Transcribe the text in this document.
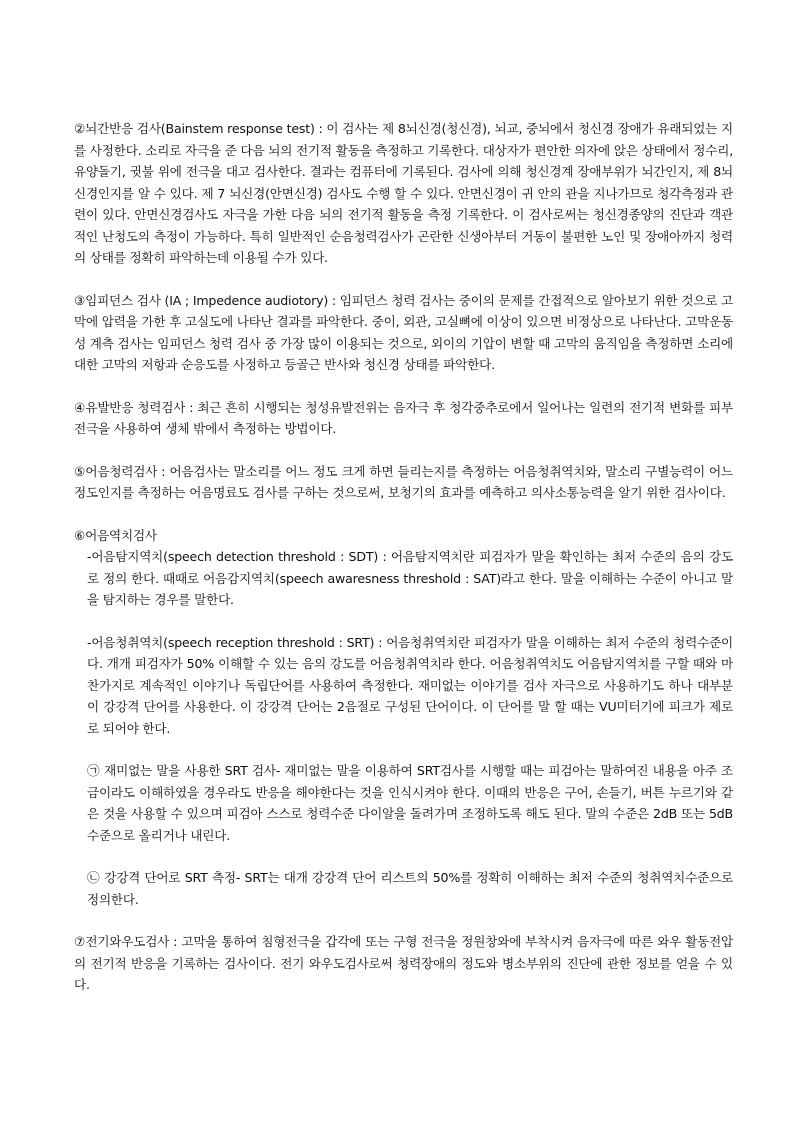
②뇌간반응 검사(Bainstem response test) : 이 검사는 제 8뇌신경(청신경), 뇌교, 중뇌에서 청신경 장애가 유래되었는 지를 사정한다. 소리로 자극을 준 다음 뇌의 전기적 활동을 측정하고 기록한다. 대상자가 편안한 의자에 앉은 상태에서 정수리, 유양돌기, 귓불 위에 전극을 대고 검사한다. 결과는 컴퓨터에 기록된다. 검사에 의해 청신경계 장애부위가 뇌간인지, 제 8뇌신경인지를 알 수 있다. 제 7 뇌신경(안면신경) 검사도 수행 할 수 있다. 안면신경이 귀 안의 관을 지나가므로 청각측정과 관련이 있다. 안면신경검사도 자극을 가한 다음 뇌의 전기적 활동을 측정 기록한다. 이 검사로써는 청신경종양의 진단과 객관적인 난청도의 측정이 가능하다. 특히 일반적인 순음청력검사가 곤란한 신생아부터 거동이 불편한 노인 및 장애아까지 청력의 상태를 정확히 파악하는데 이용될 수가 있다.

③임피던스 검사 (IA ; Impedence audiotory) : 임피던스 청력 검사는 중이의 문제를 간접적으로 알아보기 위한 것으로 고막에 압력을 가한 후 고실도에 나타난 결과를 파악한다. 중이, 외관, 고실뼈에 이상이 있으면 비정상으로 나타난다. 고막운동성 계측 검사는 임피던스 청력 검사 중 가장 많이 이용되는 것으로, 외이의 기압이 변할 때 고막의 움직임을 측정하면 소리에 대한 고막의 저항과 순응도를 사정하고 등골근 반사와 청신경 상태를 파악한다.

④유발반응 청력검사 : 최근 흔히 시행되는 청성유발전위는 음자극 후 청각중추로에서 일어나는 일련의 전기적 변화를 피부전극을 사용하여 생체 밖에서 측정하는 방법이다.

⑤어음청력검사 : 어음검사는 말소리를 어느 정도 크게 하면 들리는지를 측정하는 어음청취역치와, 말소리 구별능력이 어느 정도인지를 측정하는 어음명료도 검사를 구하는 것으로써, 보청기의 효과를 예측하고 의사소통능력을 알기 위한 검사이다.

⑥어음역치검사

-어음탐지역치(speech detection threshold : SDT) : 어음탐지역치란 피검자가 말을 확인하는 최저 수준의 음의 강도로 정의 한다. 때때로 어음감지역치(speech awaresness threshold : SAT)라고 한다. 말을 이해하는 수준이 아니고 말을 탐지하는 경우를 말한다.

-어음청취역치(speech reception threshold : SRT) : 어음청취역치란 피검자가 말을 이해하는 최저 수준의 청력수준이다. 개개 피검자가 50% 이해할 수 있는 음의 강도를 어음청취역치라 한다. 어음청취역치도 어음탐지역치를 구할 때와 마찬가지로 계속적인 이야기나 독립단어를 사용하여 측정한다. 재미없는 이야기를 검사 자극으로 사용하기도 하나 대부분이 강강격 단어를 사용한다. 이 강강격 단어는 2음절로 구성된 단어이다. 이 단어를 말 할 때는 VU미터기에 피크가 제로로 되어야 한다.

㉠ 재미없는 말을 사용한 SRT 검사- 재미없는 말을 이용하여 SRT검사를 시행할 때는 피검아는 말하여진 내용을 아주 조금이라도 이해하였을 경우라도 반응을 해야한다는 것을 인식시켜야 한다. 이때의 반응은 구어, 손들기, 버튼 누르기와 같은 것을 사용할 수 있으며 피검아 스스로 청력수준 다이알을 돌려가며 조정하도록 해도 된다. 말의 수준은 2dB 또는 5dB 수준으로 올리거나 내린다.

㉡ 강강격 단어로 SRT 측정- SRT는 대개 강강격 단어 리스트의 50%를 정확히 이해하는 최저 수준의 청취역치수준으로 정의한다.

⑦전기와우도검사 : 고막을 통하여 침형전극을 갑각에 또는 구형 전극을 정원창와에 부착시켜 음자극에 따른 와우 활동전압의 전기적 반응을 기록하는 검사이다. 전기 와우도검사로써 청력장애의 정도와 병소부위의 진단에 관한 정보를 얻을 수 있다.
